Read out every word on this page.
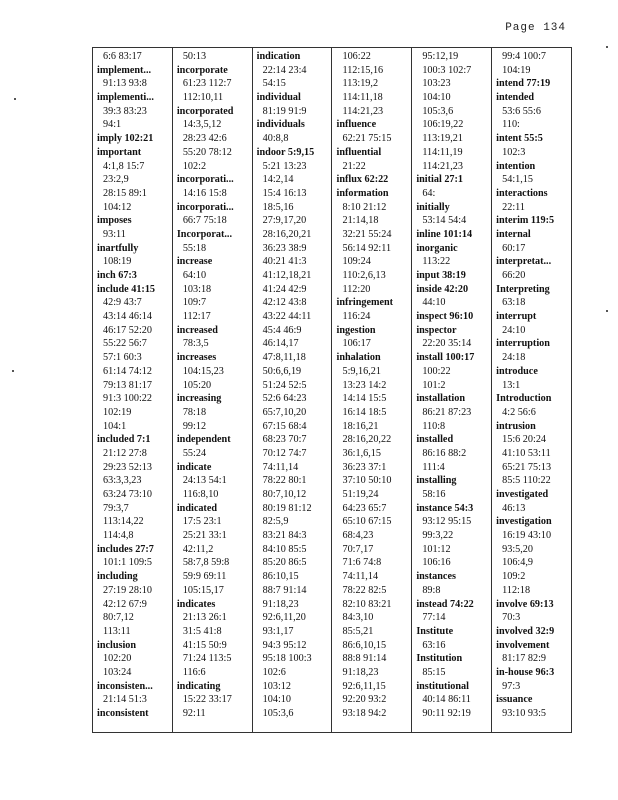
Page 134
6:6 83:17
implement...
91:13 93:8
implementi...
39:3 83:23
94:1
imply 102:21
important
4:1,8 15:7
23:2,9
28:15 89:1
104:12
imposes
93:11
inartfully
108:19
inch 67:3
include 41:15
42:9 43:7
43:14 46:14
46:17 52:20
55:22 56:7
57:1 60:3
61:14 74:12
79:13 81:17
91:3 100:22
102:19
104:1
included 7:1
21:12 27:8
29:23 52:13
63:3,3,23
63:24 73:10
79:3,7
113:14,22
114:4,8
includes 27:7
101:1 109:5
including
27:19 28:10
42:12 67:9
80:7,12
113:11
inclusion
102:20
103:24
inconsisten...
21:14 51:3
inconsistent
50:13
incorporate
61:23 112:7
112:10,11
incorporated
14:3,5,12
28:23 42:6
55:20 78:12
102:2
incorporati...
14:16 15:8
incorporati...
66:7 75:18
Incorporat...
55:18
increase
64:10
103:18
109:7
112:17
increased
78:3,5
increases
104:15,23
105:20
increasing
78:18
99:12
independent
55:24
indicate
24:13 54:1
116:8,10
indicated
17:5 23:1
25:21 33:1
42:11,2
58:7,8 59:8
59:9 69:11
105:15,17
indicates
21:13 26:1
31:5 41:8
41:15 50:9
71:24 113:5
116:6
indicating
15:22 33:17
92:11
indication
22:14 23:4
54:15
individual
81:19 91:9
individuals
40:8,8
indoor 5:9,15
5:21 13:23
14:2,14
15:4 16:13
18:5,16
27:9,17,20
28:16,20,21
36:23 38:9
40:21 41:3
41:12,18,21
41:24 42:9
42:12 43:8
43:22 44:11
45:4 46:9
46:14,17
47:8,11,18
50:6,6,19
51:24 52:5
52:6 64:23
65:7,10,20
67:15 68:4
68:23 70:7
70:12 74:7
74:11,14
78:22 80:1
80:7,10,12
80:19 81:12
82:5,9
83:21 84:3
84:10 85:5
85:20 86:5
86:10,15
88:7 91:14
91:18,23
92:6,11,20
93:1,17
94:3 95:12
95:18 100:3
102:6
103:12
104:10
105:3,6
106:22
112:15,16
113:19,2
114:11,18
114:21,23
influence
62:21 75:15
influential
21:22
influx 62:22
information
8:10 21:12
21:14,18
32:21 55:24
56:14 92:11
109:24
110:2,6,13
112:20
infringement
116:24
ingestion
106:17
inhalation
5:9,16,21
13:23 14:2
14:14 15:5
16:14 18:5
18:16,21
28:16,20,22
36:1,6,15
36:23 37:1
37:10 50:10
51:19,24
64:23 65:7
65:10 67:15
68:4,23
70:7,17
71:6 74:8
74:11,14
78:22 82:5
82:10 83:21
84:3,10
85:5,21
86:6,10,15
88:8 91:14
91:18,23
92:6,11,15
92:20 93:2
93:18 94:2
95:12,19
100:3 102:7
103:23
104:10
105:3,6
106:19,22
113:19,21
114:11,19
114:21,23
initial 27:1
64:
initially
53:14 54:4
inline 101:14
inorganic
113:22
input 38:19
inside 42:20
44:10
inspect 96:10
inspector
22:20 35:14
install 100:17
100:22
101:2
installation
86:21 87:23
110:8
installed
86:16 88:2
111:4
installing
58:16
instance 54:3
93:12 95:15
99:3,22
101:12
106:16
instances
89:8
instead 74:22
77:14
Institute
63:16
Institution
85:15
institutional
40:14 86:11
90:11 92:19
99:4 100:7
104:19
intend 77:19
intended
53:6 55:6
110:
intent 55:5
102:3
intention
54:1,15
interactions
22:11
interim 119:5
internal
60:17
interpretat...
66:20
Interpreting
63:18
interrupt
24:10
interruption
24:18
introduce
13:1
Introduction
4:2 56:6
intrusion
15:6 20:24
41:10 53:11
65:21 75:13
85:5 110:22
investigated
46:13
investigation
16:19 43:10
93:5,20
106:4,9
109:2
112:18
involve 69:13
70:3
involved 32:9
involvement
81:17 82:9
in-house 96:3
97:3
issuance
93:10 93:5
